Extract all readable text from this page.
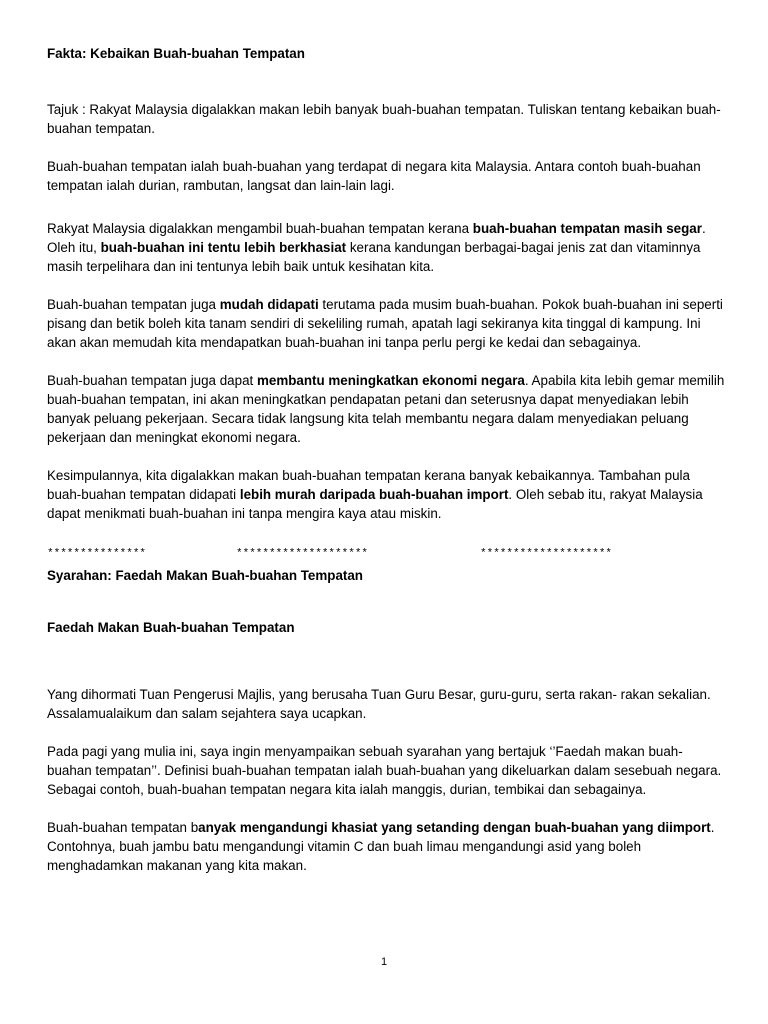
Fakta: Kebaikan Buah-buahan Tempatan

Tajuk : Rakyat Malaysia digalakkan makan lebih banyak buah-buahan tempatan. Tuliskan tentang kebaikan buah-buahan tempatan.

Buah-buahan tempatan ialah buah-buahan yang terdapat di negara kita Malaysia. Antara contoh buah-buahan tempatan ialah durian, rambutan, langsat dan lain-lain lagi.

Rakyat Malaysia digalakkan mengambil buah-buahan tempatan kerana buah-buahan tempatan masih segar. Oleh itu, buah-buahan ini tentu lebih berkhasiat kerana kandungan berbagai-bagai jenis zat dan vitaminnya masih terpelihara dan ini tentunya lebih baik untuk kesihatan kita.

Buah-buahan tempatan juga mudah didapati terutama pada musim buah-buahan. Pokok buah-buahan ini seperti pisang dan betik boleh kita tanam sendiri di sekeliling rumah, apatah lagi sekiranya kita tinggal di kampung. Ini akan akan memudah kita mendapatkan buah-buahan ini tanpa perlu pergi ke kedai dan sebagainya.

Buah-buahan tempatan juga dapat membantu meningkatkan ekonomi negara. Apabila kita lebih gemar memilih buah-buahan tempatan, ini akan meningkatkan pendapatan petani dan seterusnya dapat menyediakan lebih banyak peluang pekerjaan. Secara tidak langsung kita telah membantu negara dalam menyediakan peluang pekerjaan dan meningkat ekonomi negara.

Kesimpulannya, kita digalakkan makan buah-buahan tempatan kerana banyak kebaikannya. Tambahan pula buah-buahan tempatan didapati lebih murah daripada buah-buahan import. Oleh sebab itu, rakyat Malaysia dapat menikmati buah-buahan ini tanpa mengira kaya atau miskin.

***************	********************	********************

Syarahan: Faedah Makan Buah-buahan Tempatan

Faedah Makan Buah-buahan Tempatan

Yang dihormati Tuan Pengerusi Majlis, yang berusaha Tuan Guru Besar, guru-guru, serta rakan- rakan sekalian. Assalamualaikum dan salam sejahtera saya ucapkan.

Pada pagi yang mulia ini, saya ingin menyampaikan sebuah syarahan yang bertajuk ‘’Faedah makan buah-buahan tempatan’’. Definisi buah-buahan tempatan ialah buah-buahan yang dikeluarkan dalam sesebuah negara. Sebagai contoh, buah-buahan tempatan negara kita ialah manggis, durian, tembikai dan sebagainya.

Buah-buahan tempatan banyak mengandungi khasiat yang setanding dengan buah-buahan yang diimport. Contohnya, buah jambu batu mengandungi vitamin C dan buah limau mengandungi asid yang boleh menghadamkan makanan yang kita makan.

1
